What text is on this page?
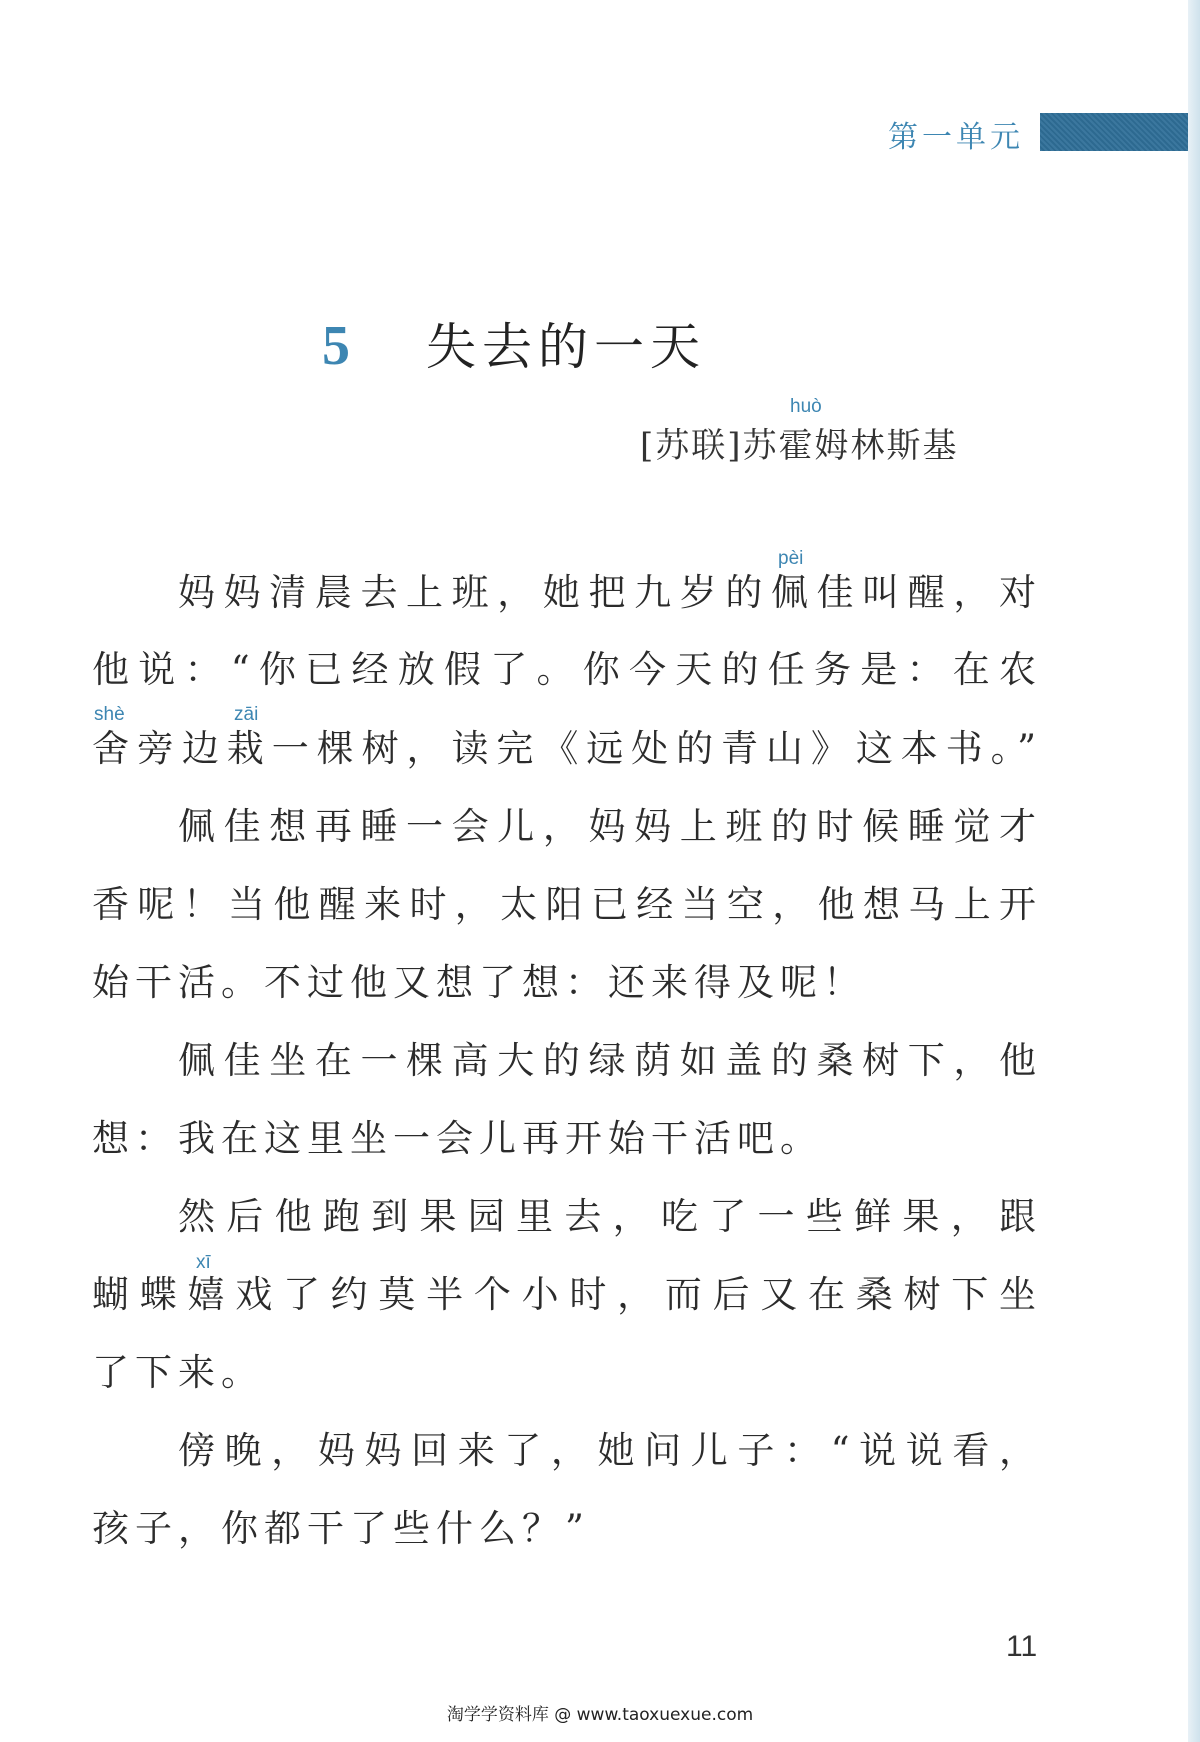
第一单元
5 失去的一天
huò
[苏联]苏霍姆林斯基
pèi
妈妈清晨去上班，她把九岁的佩佳叫醒，对
他说：“你已经放假了。你今天的任务是：在农
shè	zāi
舍旁边栽一棵树，读完《远处的青山》这本书。”
佩佳想再睡一会儿，妈妈上班的时候睡觉才
香呢！当他醒来时，太阳已经当空，他想马上开
始干活。不过他又想了想：还来得及呢！
佩佳坐在一棵高大的绿荫如盖的桑树下，他
想：我在这里坐一会儿再开始干活吧。
然后他跑到果园里去，吃了一些鲜果，跟
xī
蝴蝶嬉戏了约莫半个小时，而后又在桑树下坐
了下来。
傍晚，妈妈回来了，她问儿子：“说说看，
孩子，你都干了些什么？”
11
淘学学资料库 @ www.taoxuexue.com
